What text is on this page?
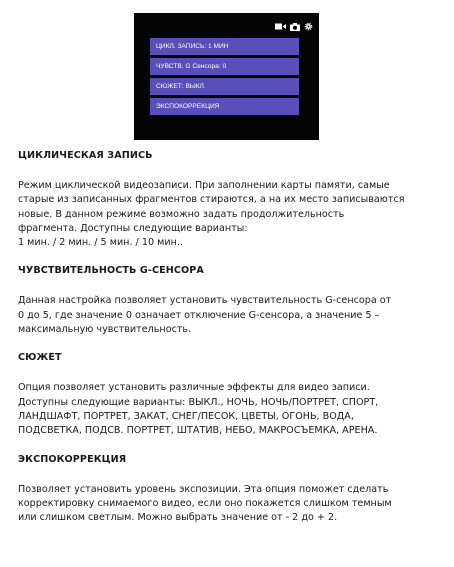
ЦИКЛ. ЗАПИСЬ: 1 МИН
ЧУВСТВ. G Сенсора: 0
СЮЖЕТ: ВЫКЛ.
ЭКСПОКОРРЕКЦИЯ
ЦИКЛИЧЕСКАЯ ЗАПИСЬ
Режим циклической видеозаписи. При заполнении карты памяти, самые
старые из записанных фрагментов стираются, а на их место записываются
новые. В данном режиме возможно задать продолжительность
фрагмента. Доступны следующие варианты:
1 мин. / 2 мин. / 5 мин. / 10 мин..
ЧУВСТВИТЕЛЬНОСТЬ G-СЕНСОРА
Данная настройка позволяет установить чувствительность G-сенсора от
0 до 5, где значение 0 означает отключение G-сенсора, а значение 5 –
максимальную чувствительность.
СЮЖЕТ
Опция позволяет установить различные эффекты для видео записи.
Доступны следующие варианты: ВЫКЛ., НОЧЬ, НОЧЬ/ПОРТРЕТ, СПОРТ,
ЛАНДШАФТ, ПОРТРЕТ, ЗАКАТ, СНЕГ/ПЕСОК, ЦВЕТЫ, ОГОНЬ, ВОДА,
ПОДСВЕТКА, ПОДСВ. ПОРТРЕТ, ШТАТИВ, НЕБО, МАКРОСЪЕМКА, АРЕНА.
ЭКСПОКОРРЕКЦИЯ
Позволяет установить уровень экспозиции. Эта опция поможет сделать
корректировку снимаемого видео, если оно покажется слишком темным
или слишком светлым. Можно выбрать значение от - 2 до + 2.
